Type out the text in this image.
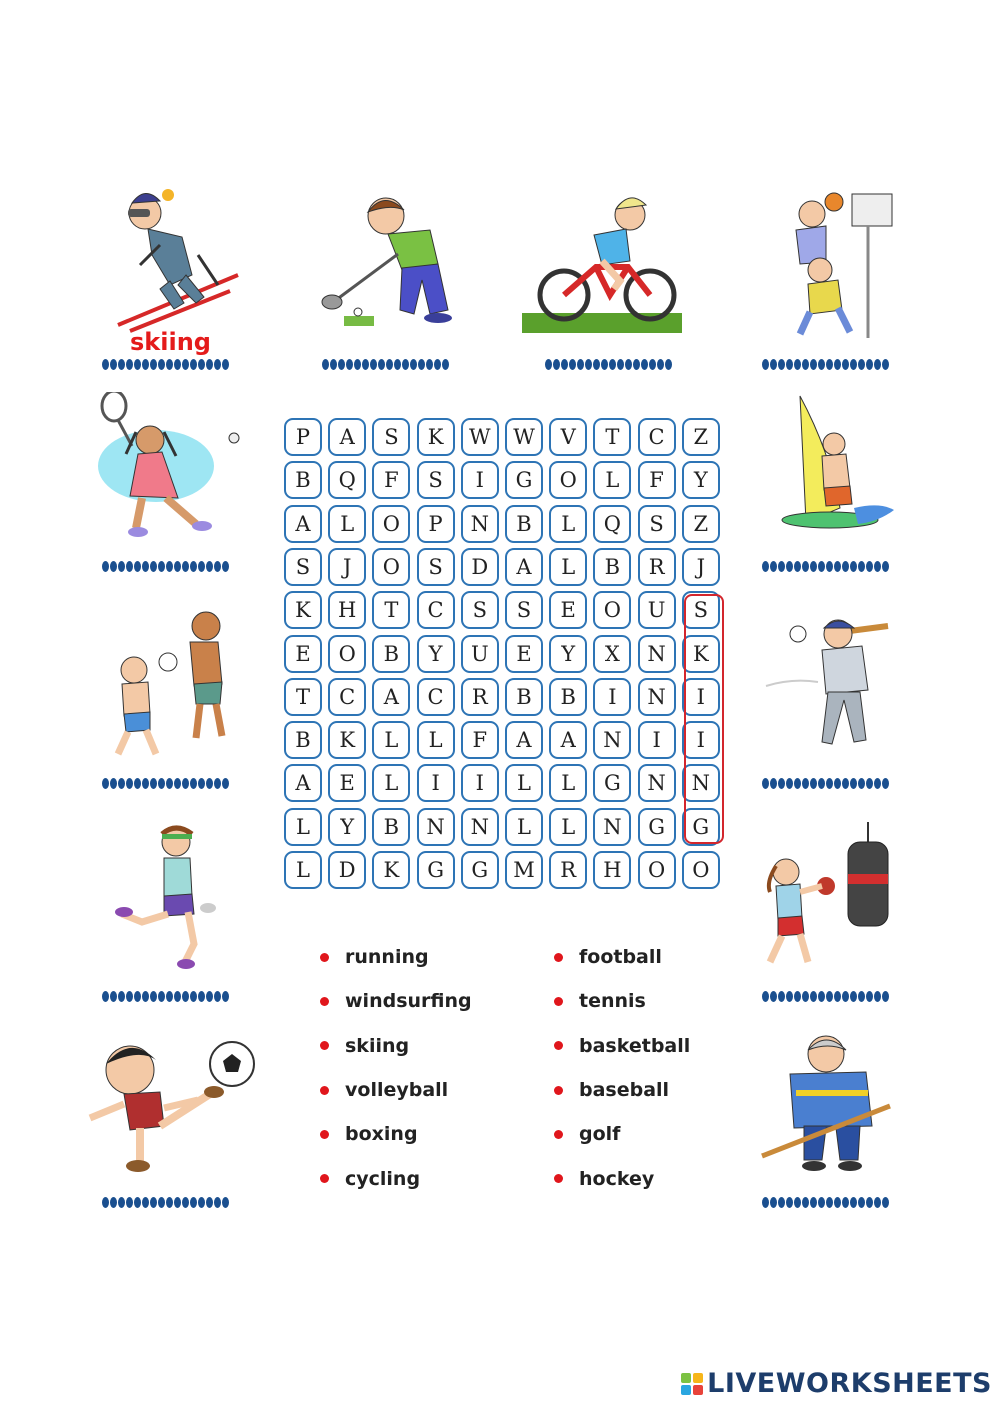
skiing
P	A	S	K	W	W	V	T	C	Z
B	Q	F	S	I	G	O	L	F	Y
A	L	O	P	N	B	L	Q	S	Z
S	J	O	S	D	A	L	B	R	J
K	H	T	C	S	S	E	O	U	S
E	O	B	Y	U	E	Y	X	N	K
T	C	A	C	R	B	B	I	N	I
B	K	L	L	F	A	A	N	I	I
A	E	L	I	I	L	L	G	N	N
L	Y	B	N	N	L	L	N	G	G
L	D	K	G	G	M	R	H	O	O
running
windsurfing
skiing
volleyball
boxing
cycling
football
tennis
basketball
baseball
golf
hockey
LIVEWORKSHEETS
